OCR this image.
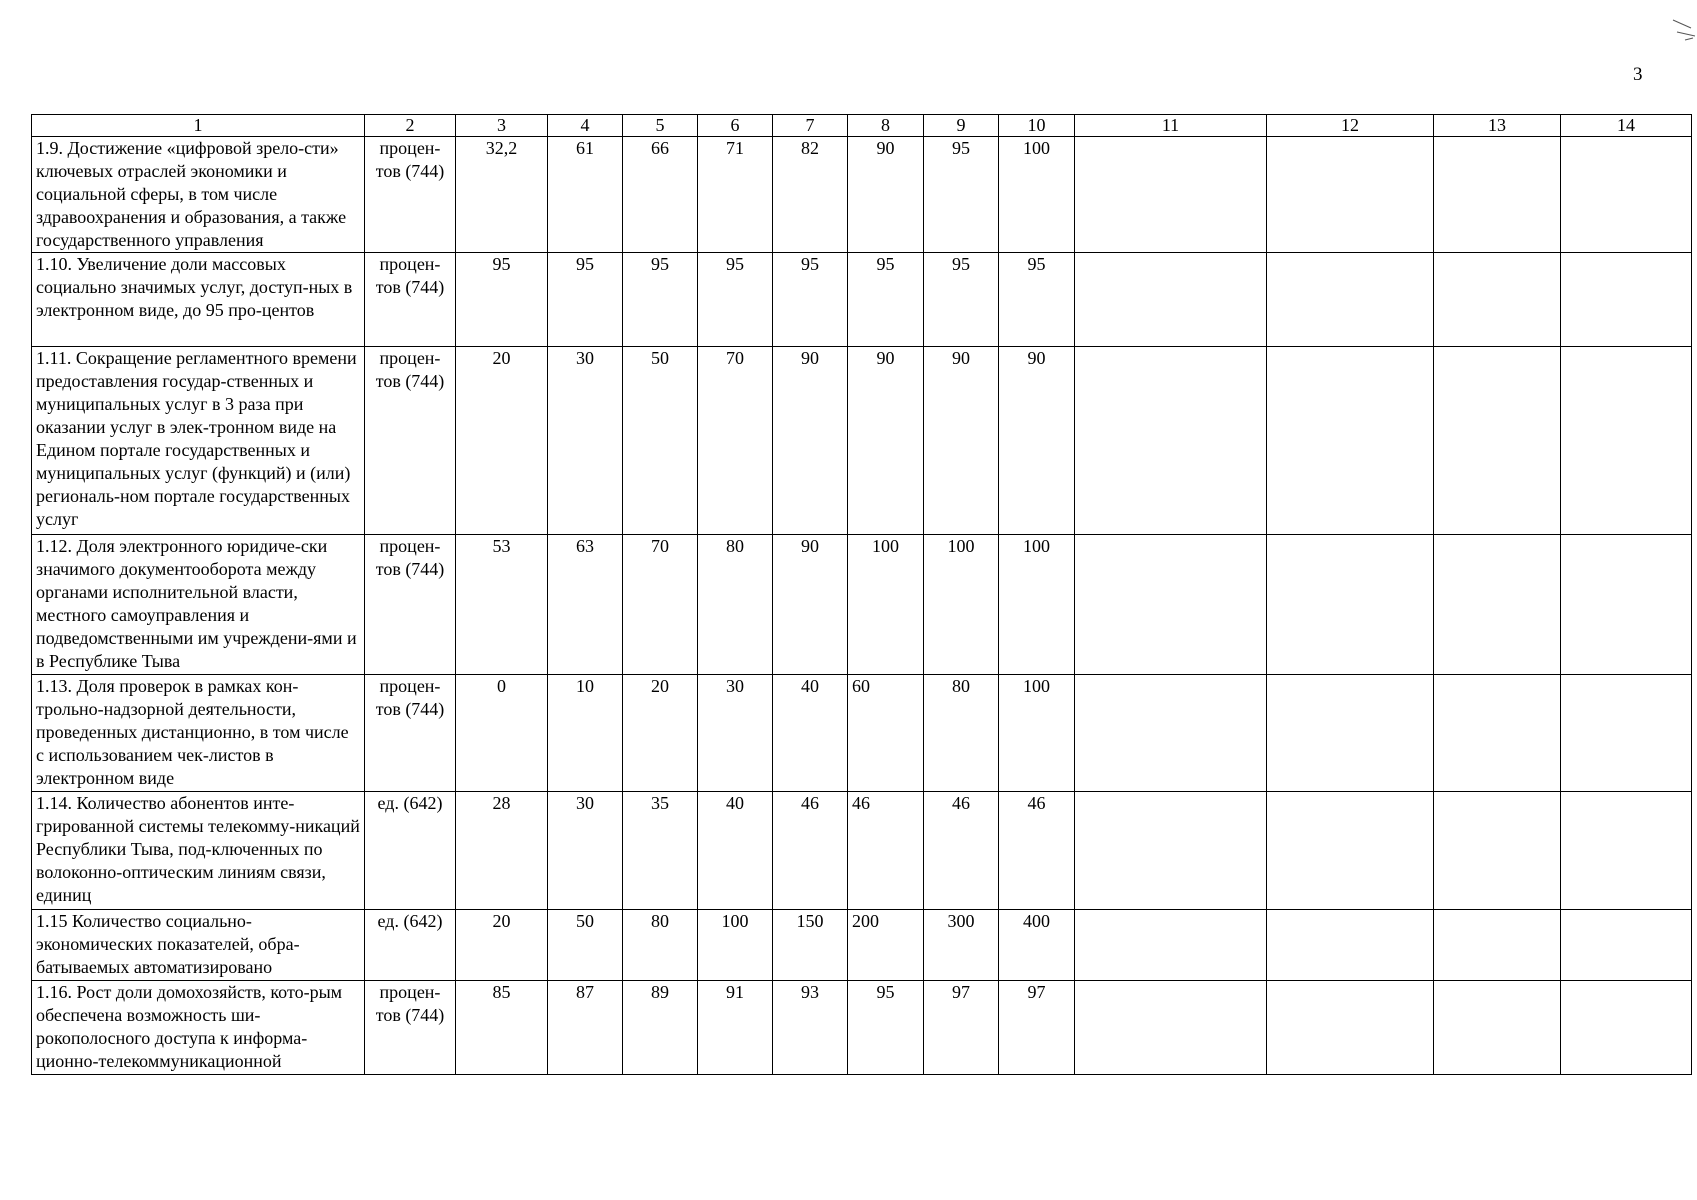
3
1	2	3	4	5	6	7	8	9	10	11	12	13	14
1.9. Достижение «цифровой зрело-сти» ключевых отраслей экономики и социальной сферы, в том числе здравоохранения и образования, а также государственного управления	процен-тов (744)	32,2	61	66	71	82	90	95	100				
1.10. Увеличение доли массовых социально значимых услуг, доступ-ных в электронном виде, до 95 про-центов	процен-тов (744)	95	95	95	95	95	95	95	95				
1.11. Сокращение регламентного времени предоставления государ-ственных и муниципальных услуг в 3 раза при оказании услуг в элек-тронном виде на Едином портале государственных и муниципальных услуг (функций) и (или) региональ-ном портале государственных услуг	процен-тов (744)	20	30	50	70	90	90	90	90				
1.12. Доля электронного юридиче-ски значимого документооборота между органами исполнительной власти, местного самоуправления и подведомственными им учреждени-ями и в Республике Тыва	процен-тов (744)	53	63	70	80	90	100	100	100				
1.13. Доля проверок в рамках кон-трольно-надзорной деятельности, проведенных дистанционно, в том числе с использованием чек-листов в электронном виде	процен-тов (744)	0	10	20	30	40	60	80	100				
1.14. Количество абонентов инте-грированной системы телекомму-никаций Республики Тыва, под-ключенных по волоконно-оптическим линиям связи, единиц	ед. (642)	28	30	35	40	46	46	46	46				
1.15 Количество социально-экономических показателей, обра-батываемых автоматизировано	ед. (642)	20	50	80	100	150	200	300	400				
1.16. Рост доли домохозяйств, кото-рым обеспечена возможность ши-рокополосного доступа к информа-ционно-телекоммуникационной	процен-тов (744)	85	87	89	91	93	95	97	97				
